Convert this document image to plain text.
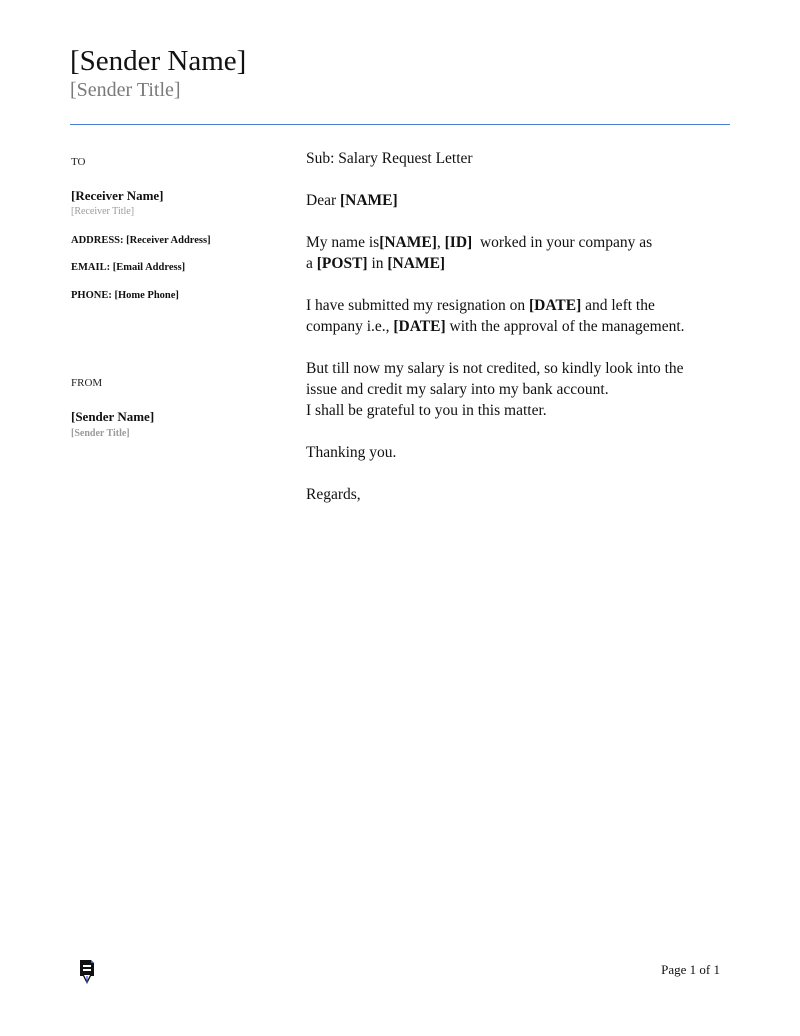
[Sender Name]
[Sender Title]
TO
[Receiver Name]
[Receiver Title]
ADDRESS: [Receiver Address]
EMAIL: [Email Address]
PHONE: [Home Phone]
FROM
[Sender Name]
[Sender Title]
Sub: Salary Request Letter
Dear [NAME]
My name is[NAME], [ID]  worked in your company as
a [POST] in [NAME]
I have submitted my resignation on [DATE] and left the
company i.e., [DATE] with the approval of the management.
But till now my salary is not credited, so kindly look into the
issue and credit my salary into my bank account.
I shall be grateful to you in this matter.
Thanking you.
Regards,
Page 1 of 1
